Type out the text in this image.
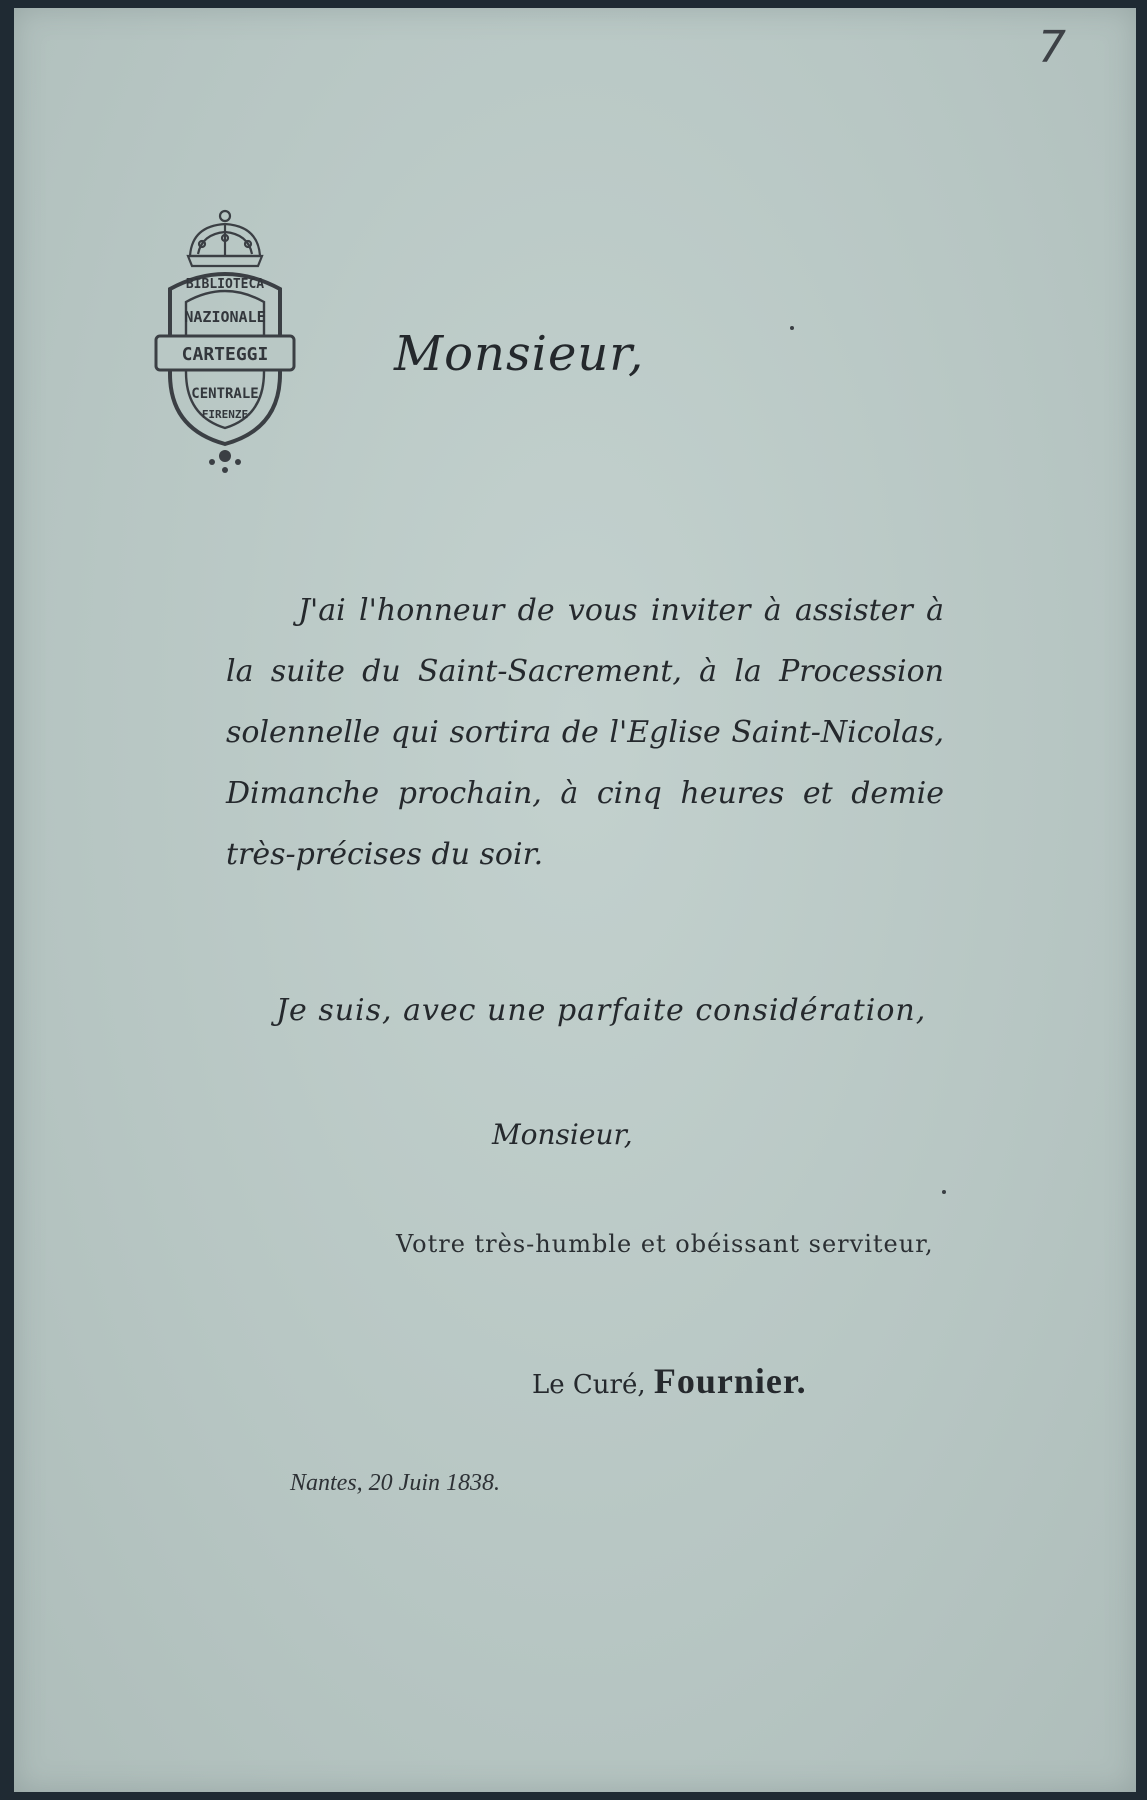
7
BIBLIOTECA
NAZIONALE
CARTEGGI
CENTRALE
FIRENZE
Monsieur,
J'ai l'honneur de vous inviter à assister à
la suite du Saint-Sacrement, à la Procession
solennelle qui sortira de l'Eglise Saint-Nicolas,
Dimanche prochain, à cinq heures et demie
très-précises du soir.
Je suis, avec une parfaite considération,
Monsieur,
Votre très-humble et obéissant serviteur,
Le Curé, Fournier.
Nantes, 20 Juin 1838.
